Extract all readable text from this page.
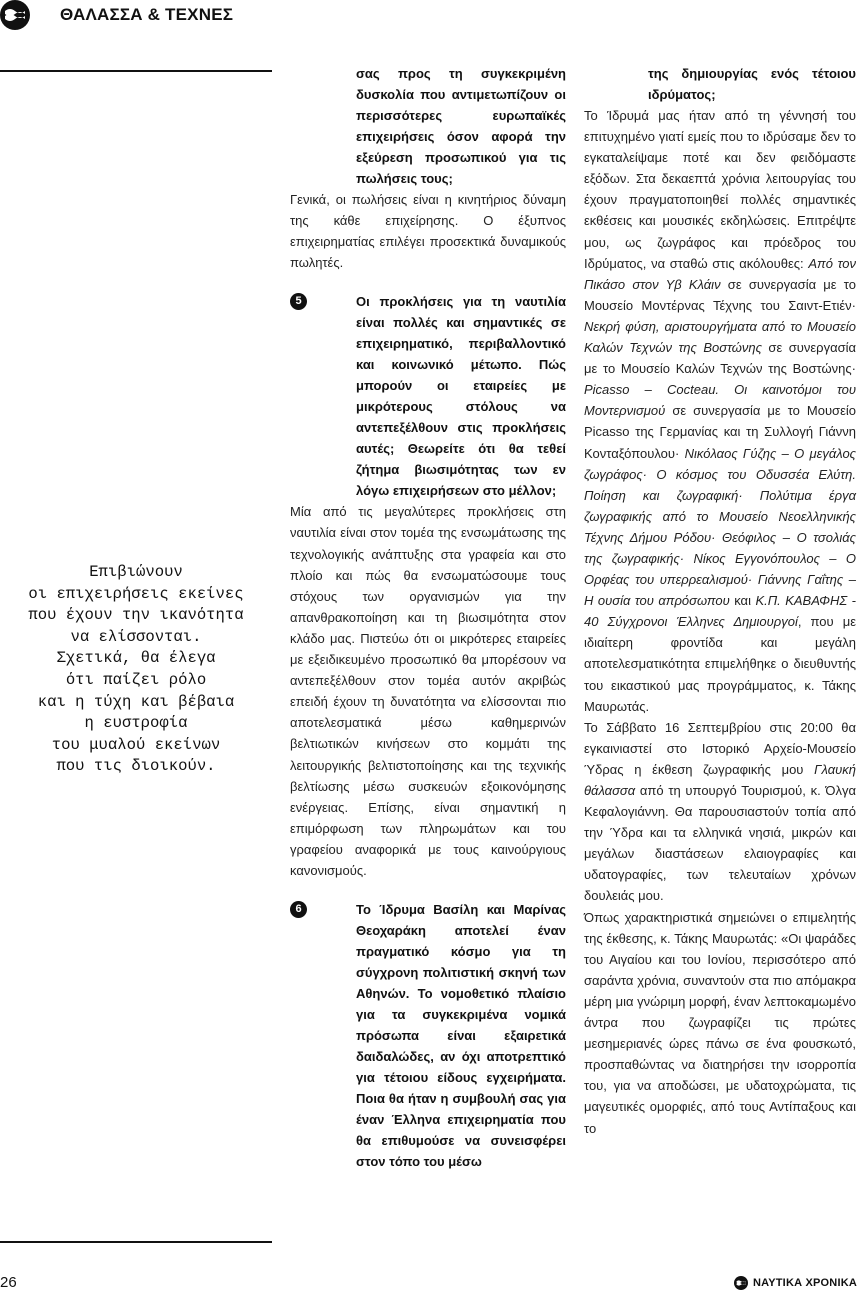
ΘΑΛΑΣΣΑ & ΤΕΧΝΕΣ
Επιβιώνουν
οι επιχειρήσεις εκείνες
που έχουν την ικανότητα
να ελίσσονται.
Σχετικά, θα έλεγα
ότι παίζει ρόλο
και η τύχη και βέβαια
η ευστροφία
του μυαλού εκείνων
που τις διοικούν.
σας προς τη συγκεκριμένη δυσκολία που αντιμετωπίζουν οι περισσότερες ευρωπαϊκές επιχειρήσεις όσον αφορά την εξεύρεση προσωπικού για τις πωλήσεις τους;
Γενικά, οι πωλήσεις είναι η κινητήριος δύναμη της κάθε επιχείρησης. Ο έξυπνος επιχειρηματίας επιλέγει προσεκτικά δυναμικούς πωλητές.
5	Οι προκλήσεις για τη ναυτιλία είναι πολλές και σημαντικές σε επιχειρηματικό, περιβαλλοντικό και κοινωνικό μέτωπο. Πώς μπορούν οι εταιρείες με μικρότερους στόλους να αντεπεξέλθουν στις προκλήσεις αυτές; Θεωρείτε ότι θα τεθεί ζήτημα βιωσιμότητας των εν λόγω επιχειρήσεων στο μέλλον;
Μία από τις μεγαλύτερες προκλήσεις στη ναυτιλία είναι στον τομέα της ενσωμάτωσης της τεχνολογικής ανάπτυξης στα γραφεία και στο πλοίο και πώς θα ενσωματώσουμε τους στόχους των οργανισμών για την απανθρακοποίηση και τη βιωσιμότητα στον κλάδο μας. Πιστεύω ότι οι μικρότερες εταιρείες με εξειδικευμένο προσωπικό θα μπορέσουν να αντεπεξέλθουν στον τομέα αυτόν ακριβώς επειδή έχουν τη δυνατότητα να ελίσσονται πιο αποτελεσματικά μέσω καθημερινών βελτιωτικών κινήσεων στο κομμάτι της λειτουργικής βελτιστοποίησης και της τεχνικής βελτίωσης μέσω συσκευών εξοικονόμησης ενέργειας. Επίσης, είναι σημαντική η επιμόρφωση των πληρωμάτων και του γραφείου αναφορικά με τους καινούργιους κανονισμούς.
6	Το Ίδρυμα Βασίλη και Μαρίνας Θεοχαράκη αποτελεί έναν πραγματικό κόσμο για τη σύγχρονη πολιτιστική σκηνή των Αθηνών. Το νομοθετικό πλαίσιο για τα συγκεκριμένα νομικά πρόσωπα είναι εξαιρετικά δαιδαλώδες, αν όχι αποτρεπτικό για τέτοιου είδους εγχειρήματα. Ποια θα ήταν η συμβουλή σας για έναν Έλληνα επιχειρηματία που θα επιθυμούσε να συνεισφέρει στον τόπο του μέσω
της δημιουργίας ενός τέτοιου ιδρύματος;
Το Ίδρυμά μας ήταν από τη γέννησή του επιτυχημένο γιατί εμείς που το ιδρύσαμε δεν το εγκαταλείψαμε ποτέ και δεν φειδόμαστε εξόδων. Στα δεκαεπτά χρόνια λειτουργίας του έχουν πραγματοποιηθεί πολλές σημαντικές εκθέσεις και μουσικές εκδηλώσεις. Επιτρέψτε μου, ως ζωγράφος και πρόεδρος του Ιδρύματος, να σταθώ στις ακόλουθες: Από τον Πικάσο στον Υβ Κλάιν σε συνεργασία με το Μουσείο Μοντέρνας Τέχνης του Σαιντ-Ετιέν· Νεκρή φύση, αριστουργήματα από το Μουσείο Καλών Τεχνών της Βοστώνης σε συνεργασία με το Μουσείο Καλών Τεχνών της Βοστώνης· Picasso – Cocteau. Οι καινοτόμοι του Μοντερνισμού σε συνεργασία με το Μουσείο Picasso της Γερμανίας και τη Συλλογή Γιάννη Κονταξόπουλου· Νικόλαος Γύζης – Ο μεγάλος ζωγράφος· Ο κόσμος του Οδυσσέα Ελύτη. Ποίηση και ζωγραφική· Πολύτιμα έργα ζωγραφικής από το Μουσείο Νεοελληνικής Τέχνης Δήμου Ρόδου· Θεόφιλος – Ο τσολιάς της ζωγραφικής· Νίκος Εγγονόπουλος – Ο Ορφέας του υπερρεαλισμού· Γιάννης Γαΐτης – Η ουσία του απρόσωπου και Κ.Π. ΚΑΒΑΦΗΣ - 40 Σύγχρονοι Έλληνες Δημιουργοί, που με ιδιαίτερη φροντίδα και μεγάλη αποτελεσματικότητα επιμελήθηκε ο διευθυντής του εικαστικού μας προγράμματος, κ. Τάκης Μαυρωτάς.
Το Σάββατο 16 Σεπτεμβρίου στις 20:00 θα εγκαινιαστεί στο Ιστορικό Αρχείο-Μουσείο Ύδρας η έκθεση ζωγραφικής μου Γλαυκή θάλασσα από τη υπουργό Τουρισμού, κ. Όλγα Κεφαλογιάννη. Θα παρουσιαστούν τοπία από την Ύδρα και τα ελληνικά νησιά, μικρών και μεγάλων διαστάσεων ελαιογραφίες και υδατογραφίες, των τελευταίων χρόνων δουλειάς μου.
Όπως χαρακτηριστικά σημειώνει ο επιμελητής της έκθεσης, κ. Τάκης Μαυρωτάς: «Οι ψαράδες του Αιγαίου και του Ιονίου, περισσότερο από σαράντα χρόνια, συναντούν στα πιο απόμακρα μέρη μια γνώριμη μορφή, έναν λεπτοκαμωμένο άντρα που ζωγραφίζει τις πρώτες μεσημεριανές ώρες πάνω σε ένα φουσκωτό, προσπαθώντας να διατηρήσει την ισορροπία του, για να αποδώσει, με υδατοχρώματα, τις μαγευτικές ομορφιές, από τους Αντίπαξους και το
26	ΝΑΥΤΙΚΑ ΧΡΟΝΙΚΑ
